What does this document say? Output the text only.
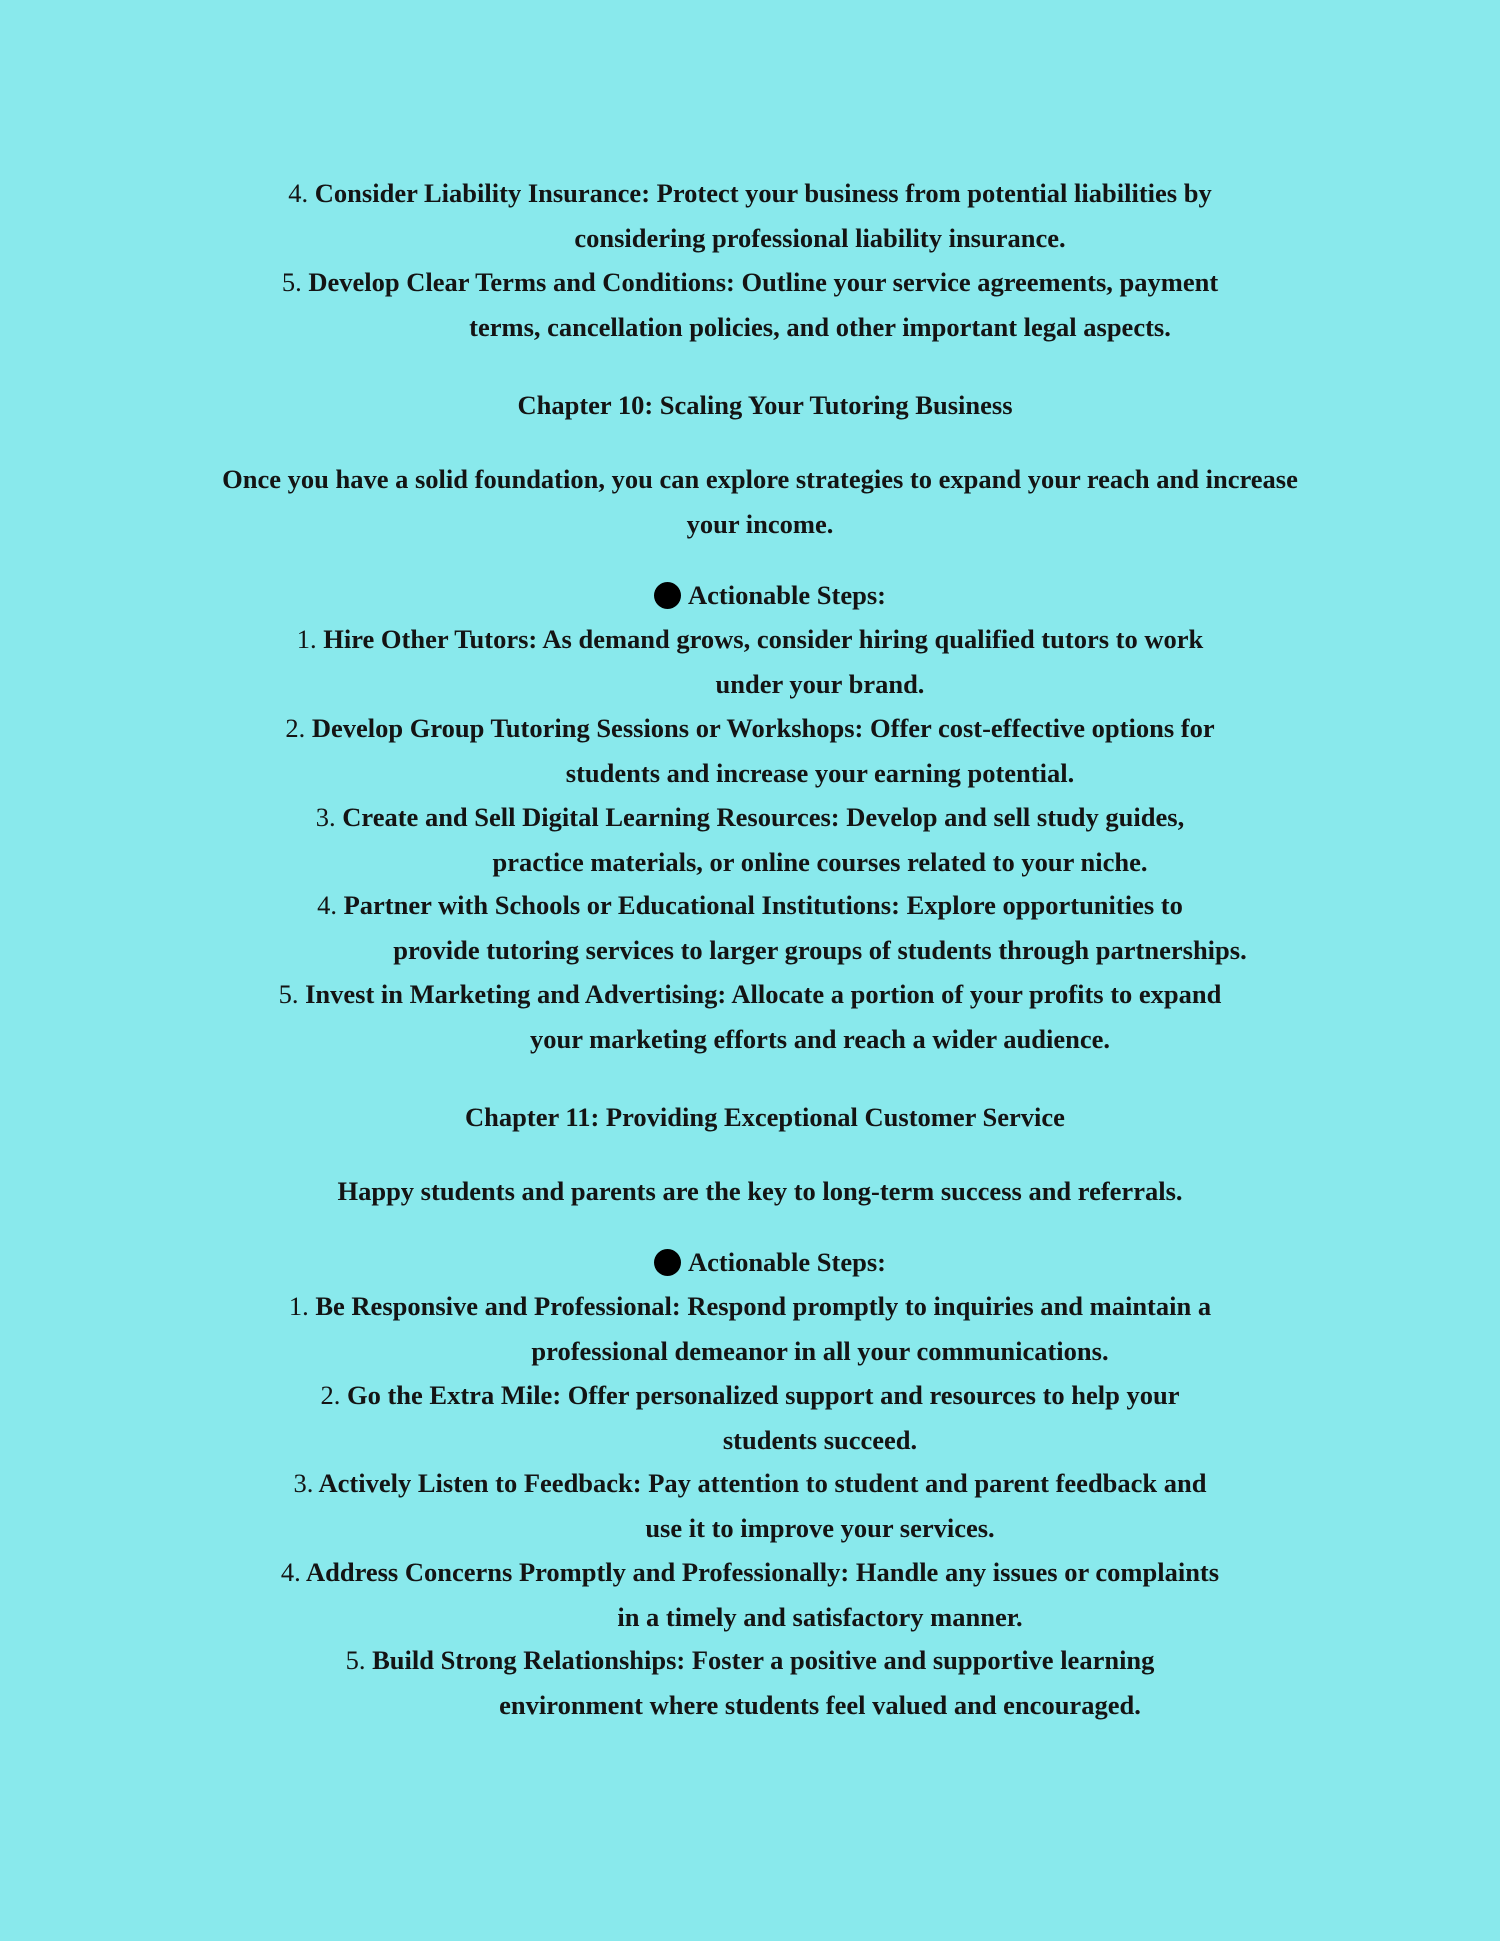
4. Consider Liability Insurance: Protect your business from potential liabilities by
considering professional liability insurance.
5. Develop Clear Terms and Conditions: Outline your service agreements, payment
terms, cancellation policies, and other important legal aspects.
Chapter 10: Scaling Your Tutoring Business
Once you have a solid foundation, you can explore strategies to expand your reach and increase
your income.
Actionable Steps:
1. Hire Other Tutors: As demand grows, consider hiring qualified tutors to work
under your brand.
2. Develop Group Tutoring Sessions or Workshops: Offer cost-effective options for
students and increase your earning potential.
3. Create and Sell Digital Learning Resources: Develop and sell study guides,
practice materials, or online courses related to your niche.
4. Partner with Schools or Educational Institutions: Explore opportunities to
provide tutoring services to larger groups of students through partnerships.
5. Invest in Marketing and Advertising: Allocate a portion of your profits to expand
your marketing efforts and reach a wider audience.
Chapter 11: Providing Exceptional Customer Service
Happy students and parents are the key to long-term success and referrals.
Actionable Steps:
1. Be Responsive and Professional: Respond promptly to inquiries and maintain a
professional demeanor in all your communications.
2. Go the Extra Mile: Offer personalized support and resources to help your
students succeed.
3. Actively Listen to Feedback: Pay attention to student and parent feedback and
use it to improve your services.
4. Address Concerns Promptly and Professionally: Handle any issues or complaints
in a timely and satisfactory manner.
5. Build Strong Relationships: Foster a positive and supportive learning
environment where students feel valued and encouraged.
